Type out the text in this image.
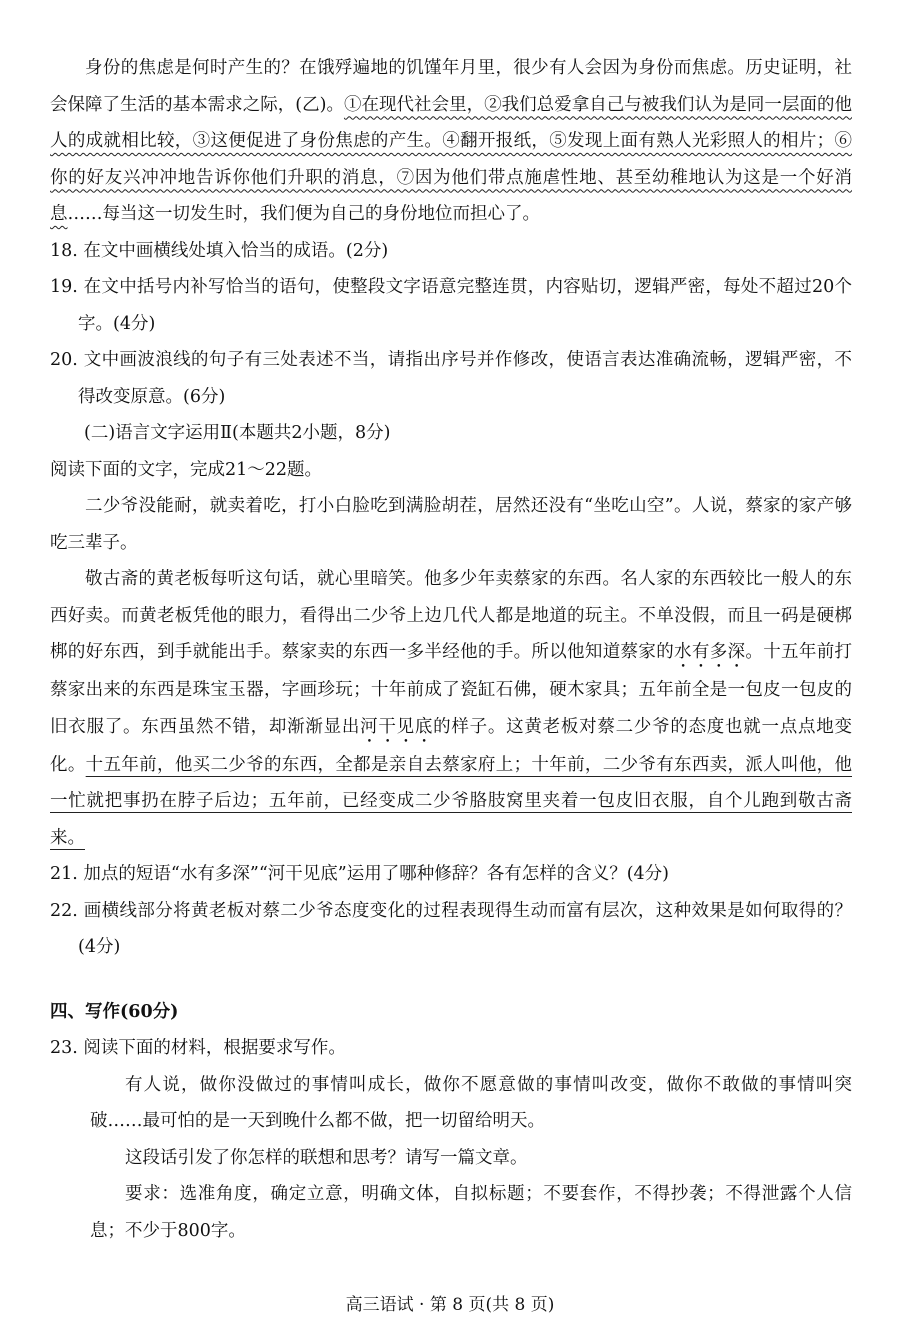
身份的焦虑是何时产生的？在饿殍遍地的饥馑年月里，很少有人会因为身份而焦虑。历史证明，社会保障了生活的基本需求之际，(乙)。①在现代社会里，②我们总爱拿自己与被我们认为是同一层面的他人的成就相比较，③这便促进了身份焦虑的产生。④翻开报纸，⑤发现上面有熟人光彩照人的相片；⑥你的好友兴冲冲地告诉你他们升职的消息，⑦因为他们带点施虐性地、甚至幼稚地认为这是一个好消息……每当这一切发生时，我们便为自己的身份地位而担心了。

18. 在文中画横线处填入恰当的成语。(2分)

19. 在文中括号内补写恰当的语句，使整段文字语意完整连贯，内容贴切，逻辑严密，每处不超过20个字。(4分)

20. 文中画波浪线的句子有三处表述不当，请指出序号并作修改，使语言表达准确流畅，逻辑严密，不得改变原意。(6分)

(二)语言文字运用Ⅱ(本题共2小题，8分)

阅读下面的文字，完成21～22题。

二少爷没能耐，就卖着吃，打小白脸吃到满脸胡茬，居然还没有“坐吃山空”。人说，蔡家的家产够吃三辈子。

敬古斋的黄老板每听这句话，就心里暗笑。他多少年卖蔡家的东西。名人家的东西较比一般人的东西好卖。而黄老板凭他的眼力，看得出二少爷上边几代人都是地道的玩主。不单没假，而且一码是硬梆梆的好东西，到手就能出手。蔡家卖的东西一多半经他的手。所以他知道蔡家的水有多深。十五年前打蔡家出来的东西是珠宝玉器，字画珍玩；十年前成了瓷缸石佛，硬木家具；五年前全是一包皮一包皮的旧衣服了。东西虽然不错，却渐渐显出河干见底的样子。这黄老板对蔡二少爷的态度也就一点点地变化。十五年前，他买二少爷的东西，全都是亲自去蔡家府上；十年前，二少爷有东西卖，派人叫他，他一忙就把事扔在脖子后边；五年前，已经变成二少爷胳肢窝里夹着一包皮旧衣服，自个儿跑到敬古斋来。

21. 加点的短语“水有多深”“河干见底”运用了哪种修辞？各有怎样的含义？(4分)

22. 画横线部分将黄老板对蔡二少爷态度变化的过程表现得生动而富有层次，这种效果是如何取得的？(4分)

四、写作(60分)

23. 阅读下面的材料，根据要求写作。

有人说，做你没做过的事情叫成长，做你不愿意做的事情叫改变，做你不敢做的事情叫突破……最可怕的是一天到晚什么都不做，把一切留给明天。

这段话引发了你怎样的联想和思考？请写一篇文章。

要求：选准角度，确定立意，明确文体，自拟标题；不要套作，不得抄袭；不得泄露个人信息；不少于800字。

高三语试 · 第 8 页(共 8 页)
